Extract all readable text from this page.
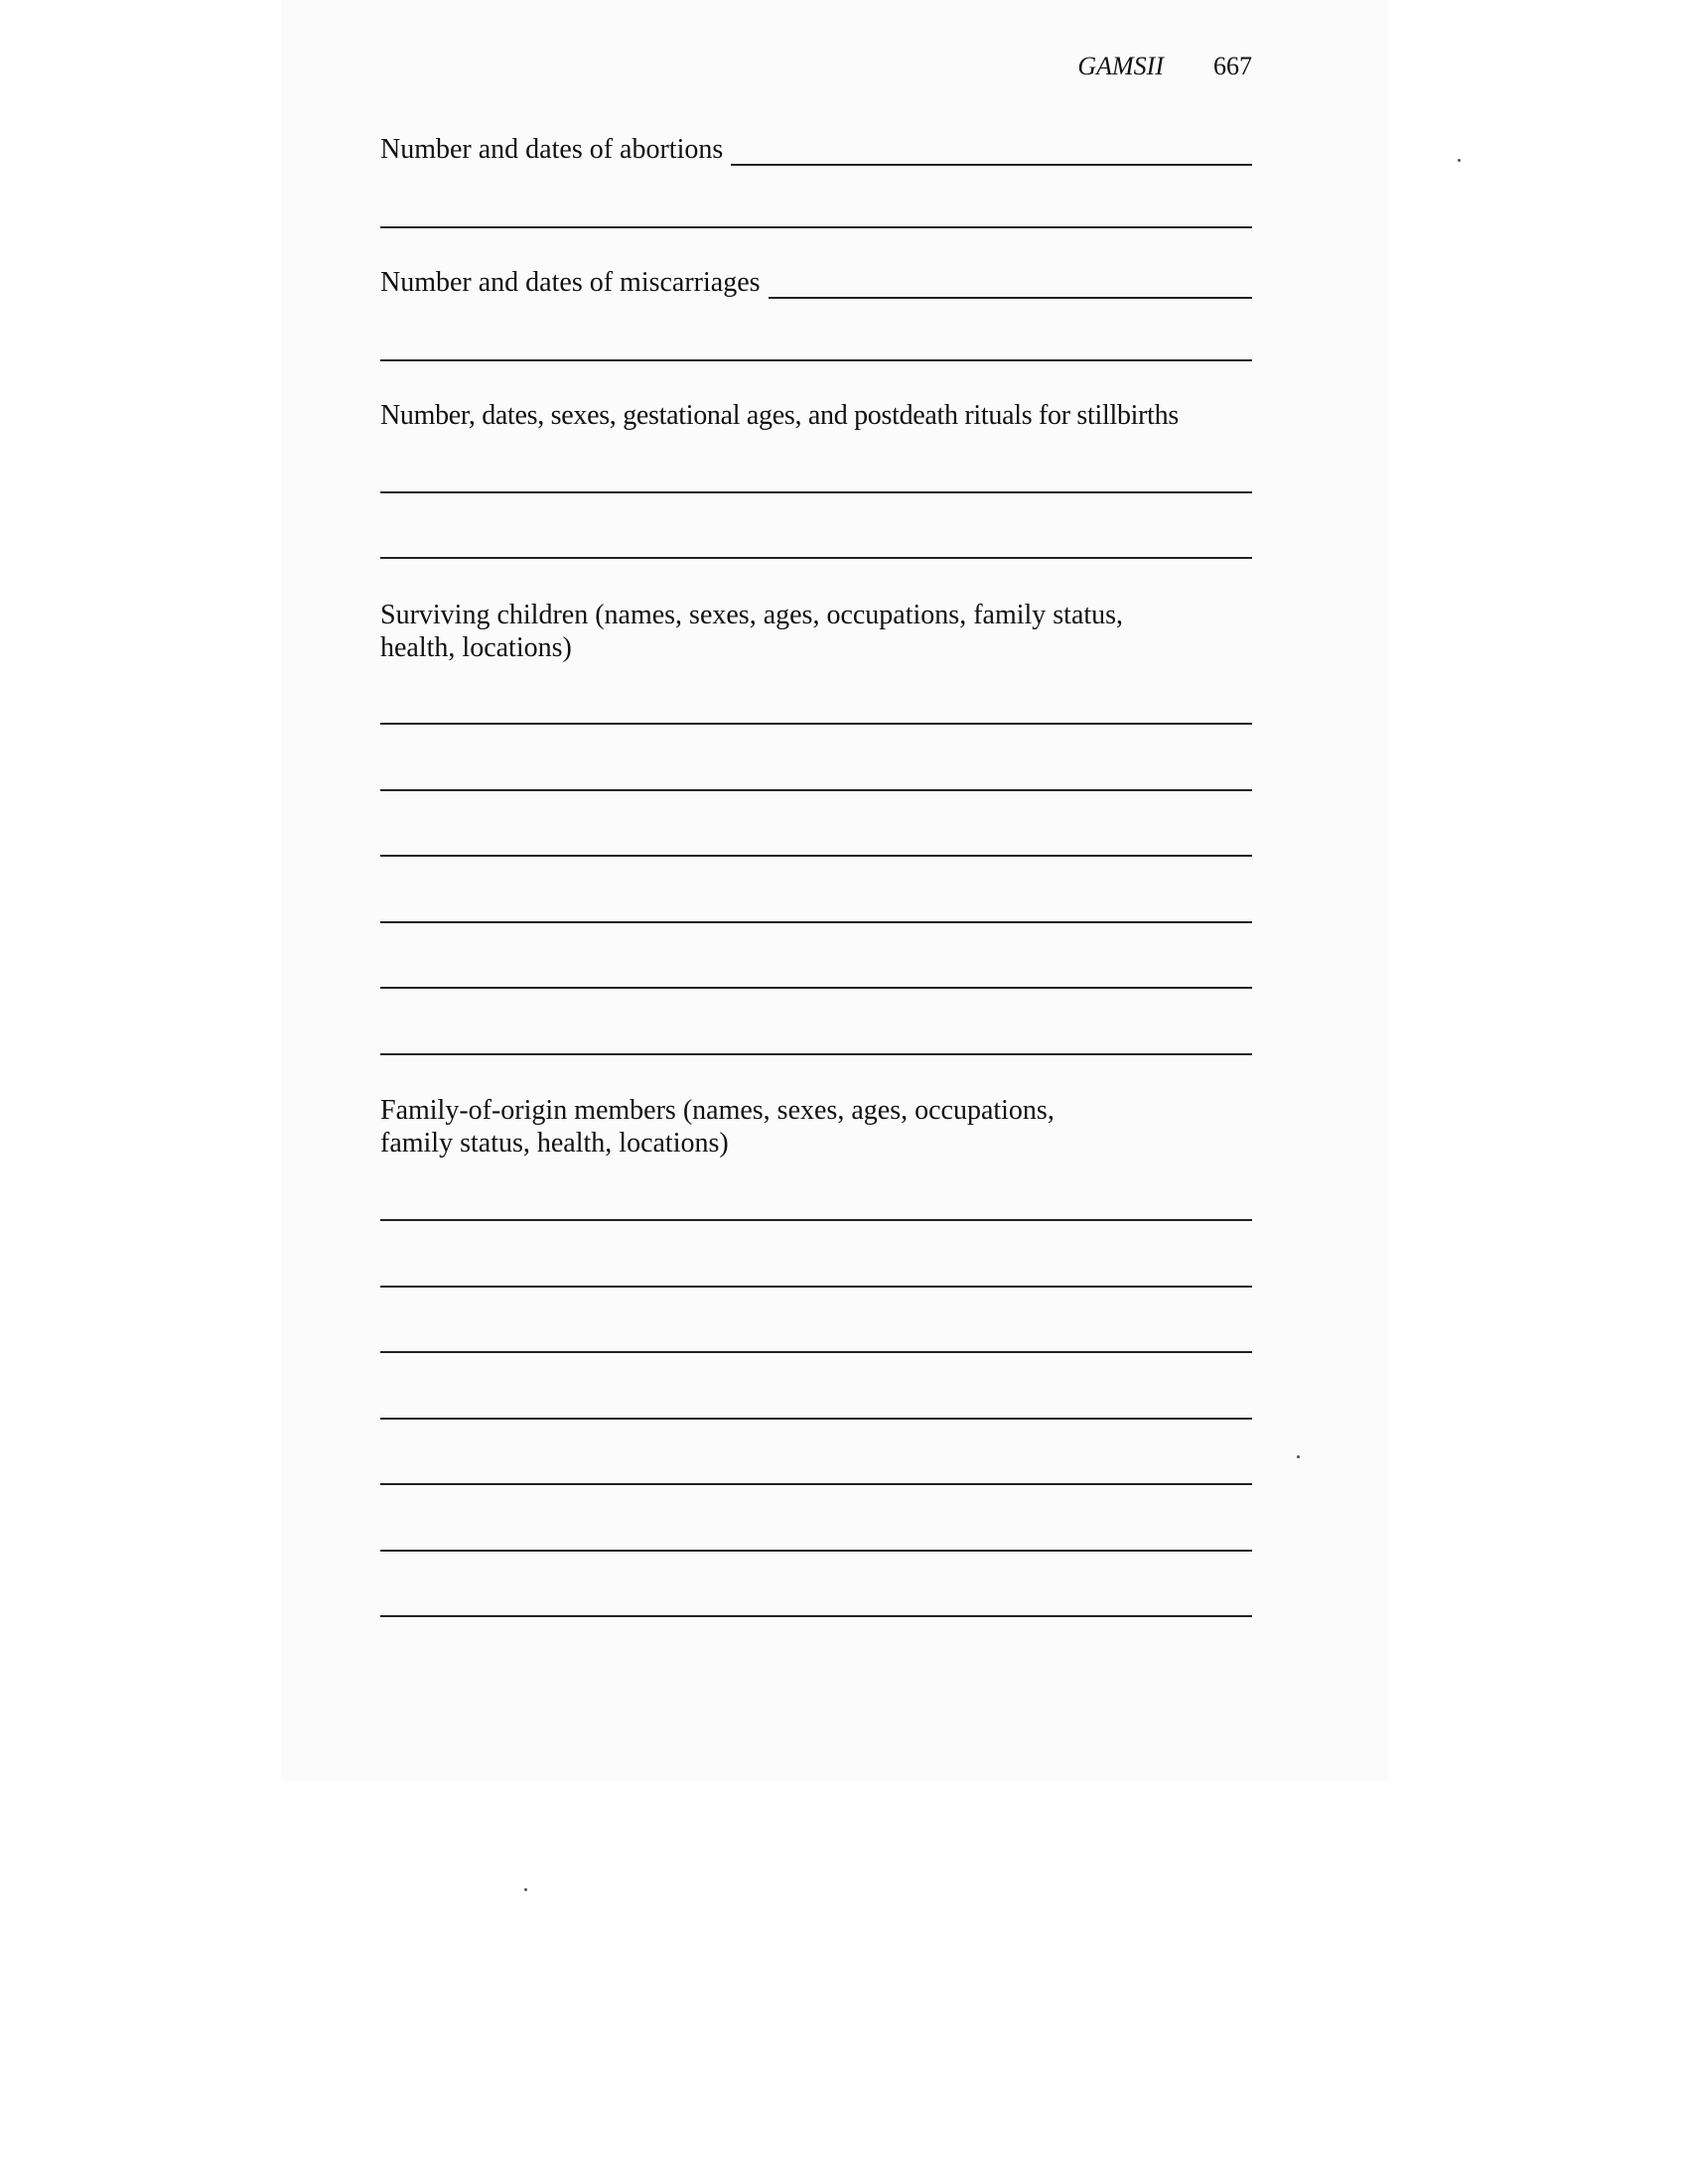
GAMSII 667
Number and dates of abortions
Number and dates of miscarriages
Number, dates, sexes, gestational ages, and postdeath rituals for stillbirths
Surviving children (names, sexes, ages, occupations, family status,
health, locations)
Family-of-origin members (names, sexes, ages, occupations,
family status, health, locations)
